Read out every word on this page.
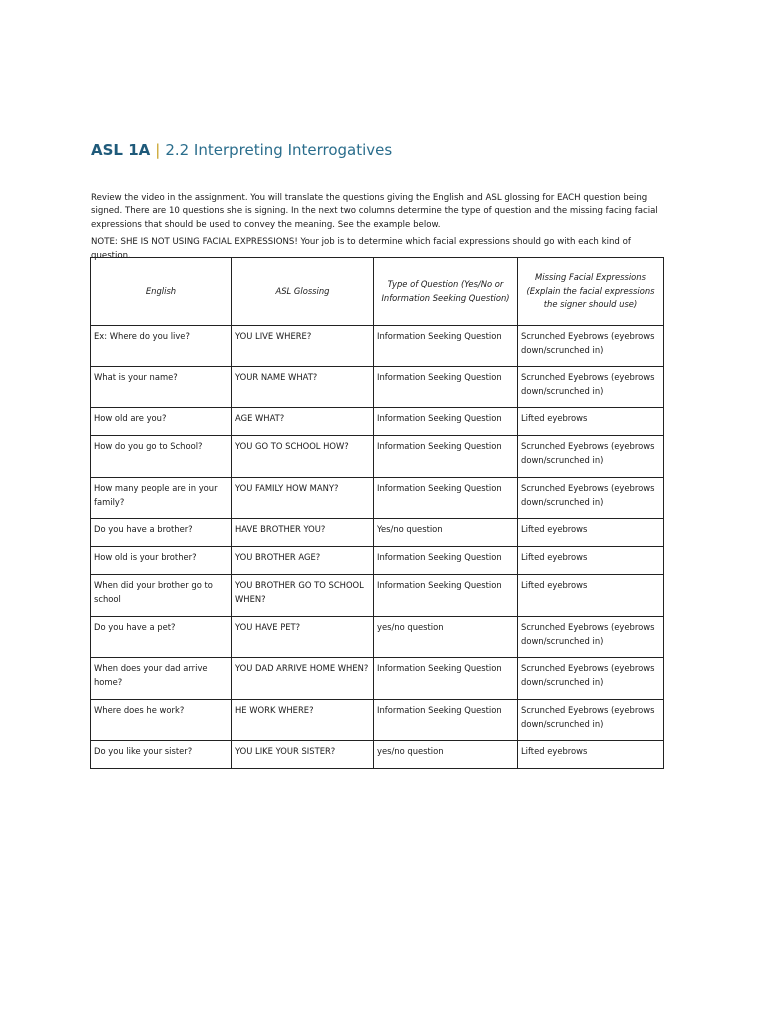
ASL 1A | 2.2 Interpreting Interrogatives

Review the video in the assignment. You will translate the questions giving the English and ASL glossing for EACH question being signed. There are 10 questions she is signing. In the next two columns determine the type of question and the missing facing facial expressions that should be used to convey the meaning. See the example below.

NOTE: SHE IS NOT USING FACIAL EXPRESSIONS! Your job is to determine which facial expressions should go with each kind of question.

English	ASL Glossing	Type of Question (Yes/No or Information Seeking Question)	Missing Facial Expressions (Explain the facial expressions the signer should use)
Ex: Where do you live?	YOU LIVE WHERE?	Information Seeking Question	Scrunched Eyebrows (eyebrows down/scrunched in)
What is your name?	YOUR NAME WHAT?	Information Seeking Question	Scrunched Eyebrows (eyebrows down/scrunched in)
How old are you?	AGE WHAT?	Information Seeking Question	Lifted eyebrows
How do you go to School?	YOU GO TO SCHOOL HOW?	Information Seeking Question	Scrunched Eyebrows (eyebrows down/scrunched in)
How many people are in your family?	YOU FAMILY HOW MANY?	Information Seeking Question	Scrunched Eyebrows (eyebrows down/scrunched in)
Do you have a brother?	HAVE BROTHER YOU?	Yes/no question	Lifted eyebrows
How old is your brother?	YOU BROTHER AGE?	Information Seeking Question	Lifted eyebrows
When did your brother go to school	YOU BROTHER GO TO SCHOOL WHEN?	Information Seeking Question	Lifted eyebrows
Do you have a pet?	YOU HAVE PET?	yes/no question	Scrunched Eyebrows (eyebrows down/scrunched in)
When does your dad arrive home?	YOU DAD ARRIVE HOME WHEN?	Information Seeking Question	Scrunched Eyebrows (eyebrows down/scrunched in)
Where does he work?	HE WORK WHERE?	Information Seeking Question	Scrunched Eyebrows (eyebrows down/scrunched in)
Do you like your sister?	YOU LIKE YOUR SISTER?	yes/no question	Lifted eyebrows
